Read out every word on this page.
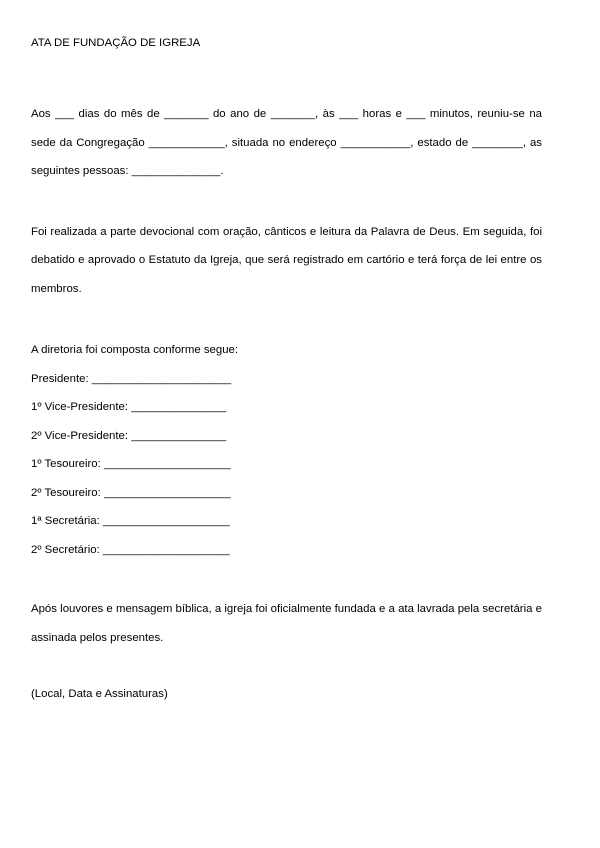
ATA DE FUNDAÇÃO DE IGREJA

Aos ___ dias do mês de _______ do ano de _______, às ___ horas e ___ minutos, reuniu-se na sede da Congregação ____________, situada no endereço ___________, estado de ________, as seguintes pessoas: ______________.

Foi realizada a parte devocional com oração, cânticos e leitura da Palavra de Deus. Em seguida, foi debatido e aprovado o Estatuto da Igreja, que será registrado em cartório e terá força de lei entre os membros.

A diretoria foi composta conforme segue:

Presidente: ______________________
1º Vice-Presidente: _______________
2º Vice-Presidente: _______________
1º Tesoureiro: ____________________
2º Tesoureiro: ____________________
1ª Secretária: ____________________
2º Secretário: ____________________

Após louvores e mensagem bíblica, a igreja foi oficialmente fundada e a ata lavrada pela secretária e assinada pelos presentes.

(Local, Data e Assinaturas)
